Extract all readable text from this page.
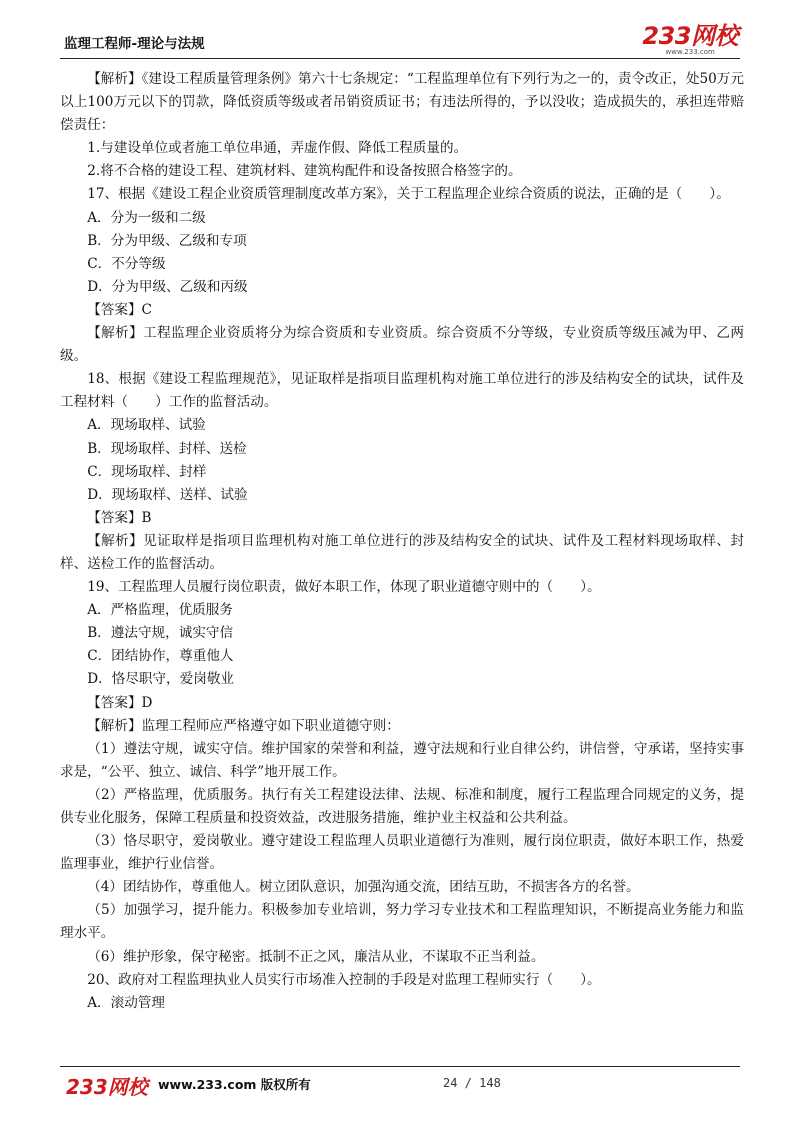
监理工程师-理论与法规	233网校
www.233.com

【解析】《建设工程质量管理条例》第六十七条规定：“工程监理单位有下列行为之一的，责令改正，处50万元以上100万元以下的罚款，降低资质等级或者吊销资质证书；有违法所得的，予以没收；造成损失的，承担连带赔偿责任：

1.与建设单位或者施工单位串通，弄虚作假、降低工程质量的。

2.将不合格的建设工程、建筑材料、建筑构配件和设备按照合格签字的。

17、根据《建设工程企业资质管理制度改革方案》，关于工程监理企业综合资质的说法，正确的是（　　）。

A．分为一级和二级

B．分为甲级、乙级和专项

C．不分等级

D．分为甲级、乙级和丙级

【答案】C

【解析】工程监理企业资质将分为综合资质和专业资质。综合资质不分等级，专业资质等级压减为甲、乙两级。

18、根据《建设工程监理规范》，见证取样是指项目监理机构对施工单位进行的涉及结构安全的试块，试件及工程材料（　　）工作的监督活动。

A．现场取样、试验

B．现场取样、封样、送检

C．现场取样、封样

D．现场取样、送样、试验

【答案】B

【解析】见证取样是指项目监理机构对施工单位进行的涉及结构安全的试块、试件及工程材料现场取样、封样、送检工作的监督活动。

19、工程监理人员履行岗位职责，做好本职工作，体现了职业道德守则中的（　　）。

A．严格监理，优质服务

B．遵法守规，诚实守信

C．团结协作，尊重他人

D．恪尽职守，爱岗敬业

【答案】D

【解析】监理工程师应严格遵守如下职业道德守则：

（1）遵法守规，诚实守信。维护国家的荣誉和利益，遵守法规和行业自律公约，讲信誉，守承诺，坚持实事求是，“公平、独立、诚信、科学”地开展工作。

（2）严格监理，优质服务。执行有关工程建设法律、法规、标准和制度，履行工程监理合同规定的义务，提供专业化服务，保障工程质量和投资效益，改进服务措施，维护业主权益和公共利益。

（3）恪尽职守，爱岗敬业。遵守建设工程监理人员职业道德行为准则，履行岗位职责，做好本职工作，热爱监理事业，维护行业信誉。

（4）团结协作，尊重他人。树立团队意识，加强沟通交流，团结互助，不损害各方的名誉。

（5）加强学习，提升能力。积极参加专业培训，努力学习专业技术和工程监理知识，不断提高业务能力和监理水平。

（6）维护形象，保守秘密。抵制不正之风，廉洁从业，不谋取不正当利益。

20、政府对工程监理执业人员实行市场准入控制的手段是对监理工程师实行（　　）。

A．滚动管理

233网校 www.233.com 版权所有	24 / 148
